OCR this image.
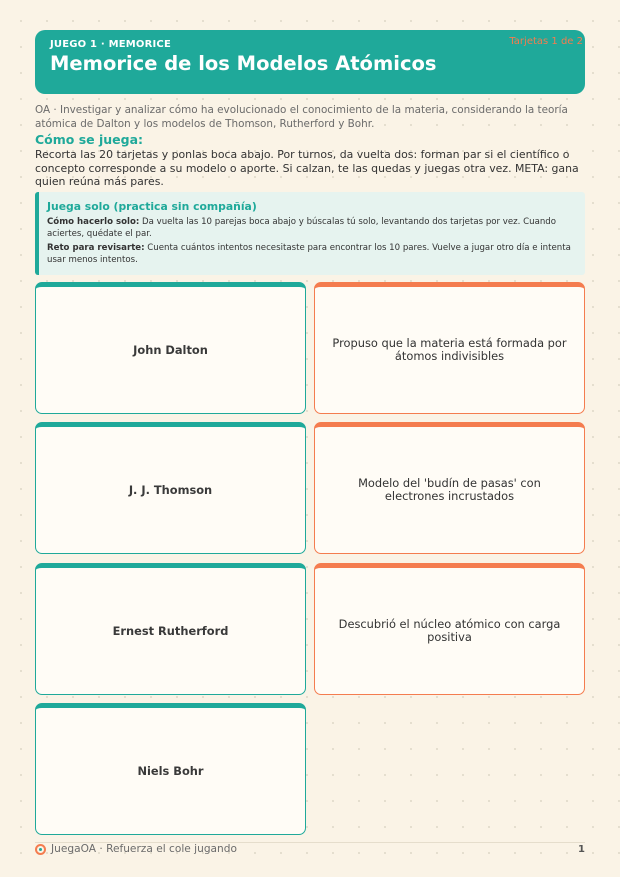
JUEGO 1 · MEMORICE
Memorice de los Modelos Atómicos
Tarjetas 1 de 2
OA · Investigar y analizar cómo ha evolucionado el conocimiento de la materia, considerando la teoría atómica de Dalton y los modelos de Thomson, Rutherford y Bohr.
Cómo se juega:
Recorta las 20 tarjetas y ponlas boca abajo. Por turnos, da vuelta dos: forman par si el científico o concepto corresponde a su modelo o aporte. Si calzan, te las quedas y juegas otra vez. META: gana quien reúna más pares.
Juega solo (practica sin compañía)
Cómo hacerlo solo: Da vuelta las 10 parejas boca abajo y búscalas tú solo, levantando dos tarjetas por vez. Cuando aciertes, quédate el par.
Reto para revisarte: Cuenta cuántos intentos necesitaste para encontrar los 10 pares. Vuelve a jugar otro día e intenta usar menos intentos.
John Dalton	Propuso que la materia está formada por átomos indivisibles
J. J. Thomson	Modelo del 'budín de pasas' con electrones incrustados
Ernest Rutherford	Descubrió el núcleo atómico con carga positiva
Niels Bohr
JuegaOA · Refuerza el cole jugando	1
